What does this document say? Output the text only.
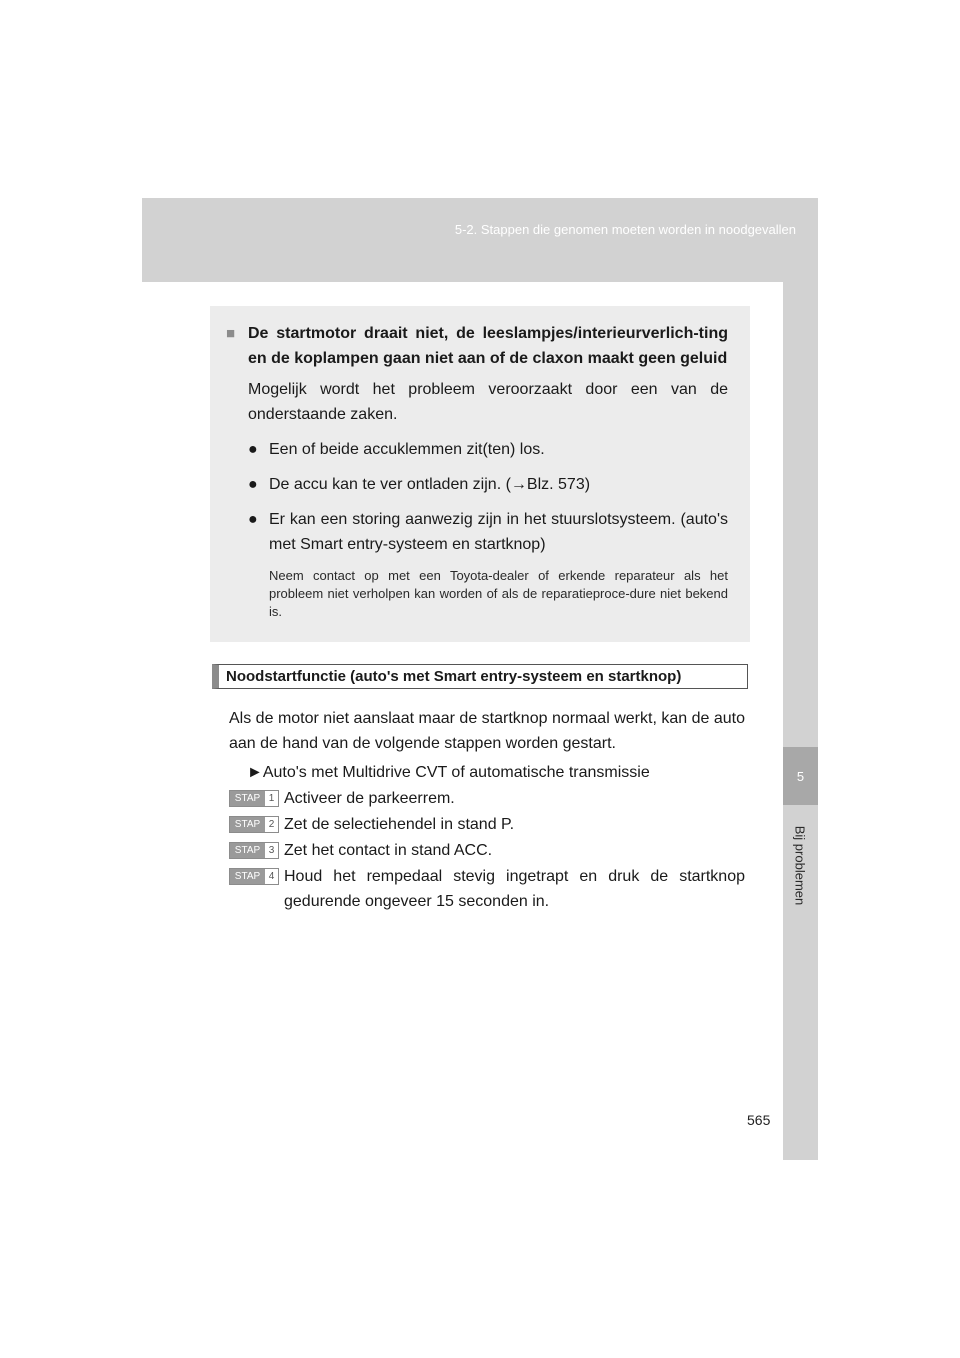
5-2. Stappen die genomen moeten worden in noodgevallen
5
Bij problemen
■ De startmotor draait niet, de leeslampjes/interieurverlich-ting en de koplampen gaan niet aan of de claxon maakt geen geluid
Mogelijk wordt het probleem veroorzaakt door een van de onderstaande zaken.
● Een of beide accuklemmen zit(ten) los.
● De accu kan te ver ontladen zijn. (→Blz. 573)
● Er kan een storing aanwezig zijn in het stuurslotsysteem. (auto's met Smart entry-systeem en startknop)
Neem contact op met een Toyota-dealer of erkende reparateur als het probleem niet verholpen kan worden of als de reparatieproce-dure niet bekend is.
Noodstartfunctie (auto's met Smart entry-systeem en startknop)
Als de motor niet aanslaat maar de startknop normaal werkt, kan de auto aan de hand van de volgende stappen worden gestart.
►Auto's met Multidrive CVT of automatische transmissie
STAP 1 Activeer de parkeerrem.
STAP 2 Zet de selectiehendel in stand P.
STAP 3 Zet het contact in stand ACC.
STAP 4 Houd het rempedaal stevig ingetrapt en druk de startknop gedurende ongeveer 15 seconden in.
565
